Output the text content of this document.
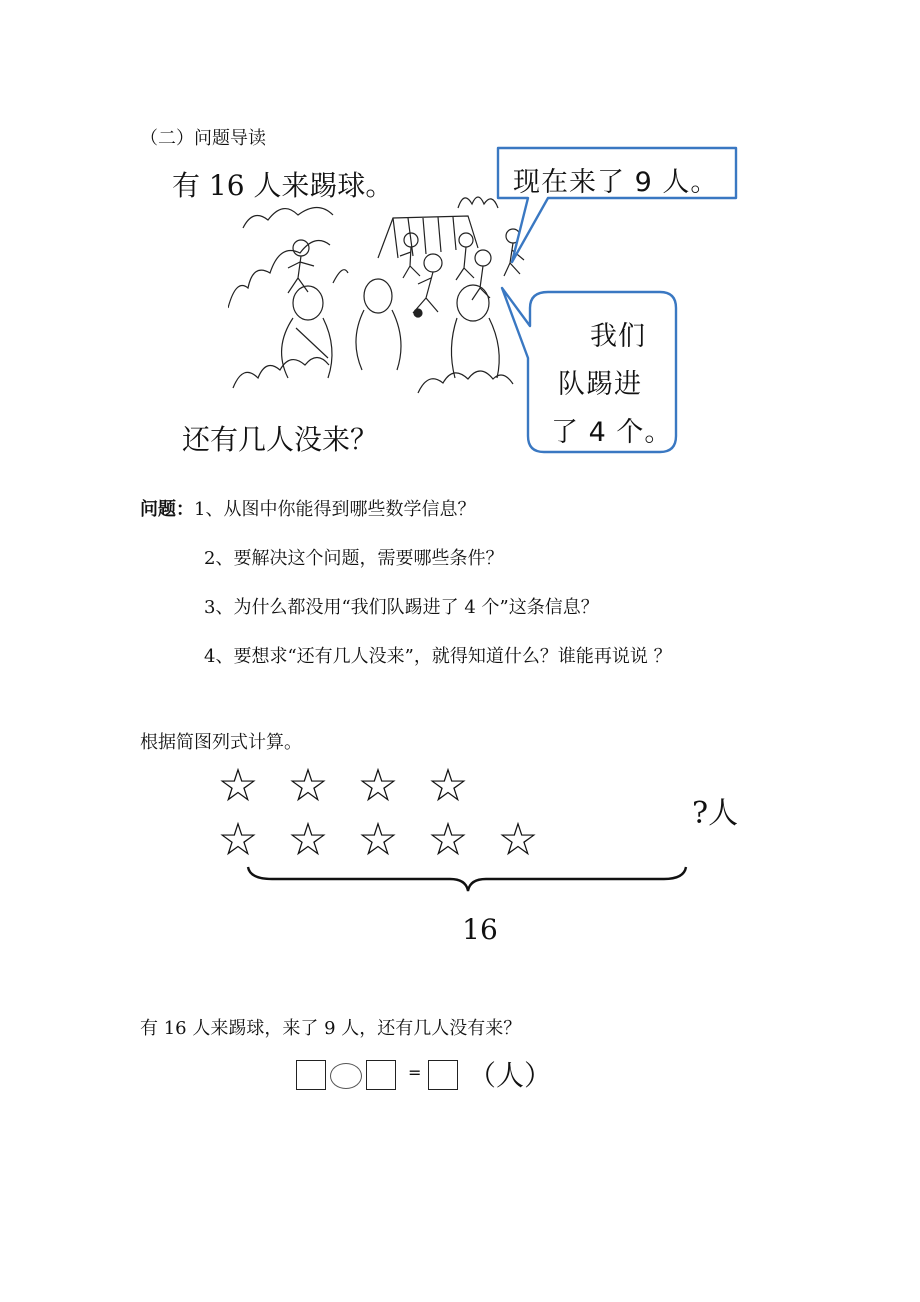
（二）问题导读
有 16 人来踢球。	现在来了 9 人。
我们
队踢进
了 4 个。
还有几人没来？
问题：1、从图中你能得到哪些数学信息？
2、要解决这个问题，需要哪些条件？
3、为什么都没用“我们队踢进了 4 个”这条信息？
4、要想求“还有几人没来”，就得知道什么？谁能再说说 ？
根据简图列式计算。
☆ ☆ ☆ ☆
☆ ☆ ☆ ☆ ☆	?人
16
有 16 人来踢球，来了 9 人，还有几人没有来？
= （人）
